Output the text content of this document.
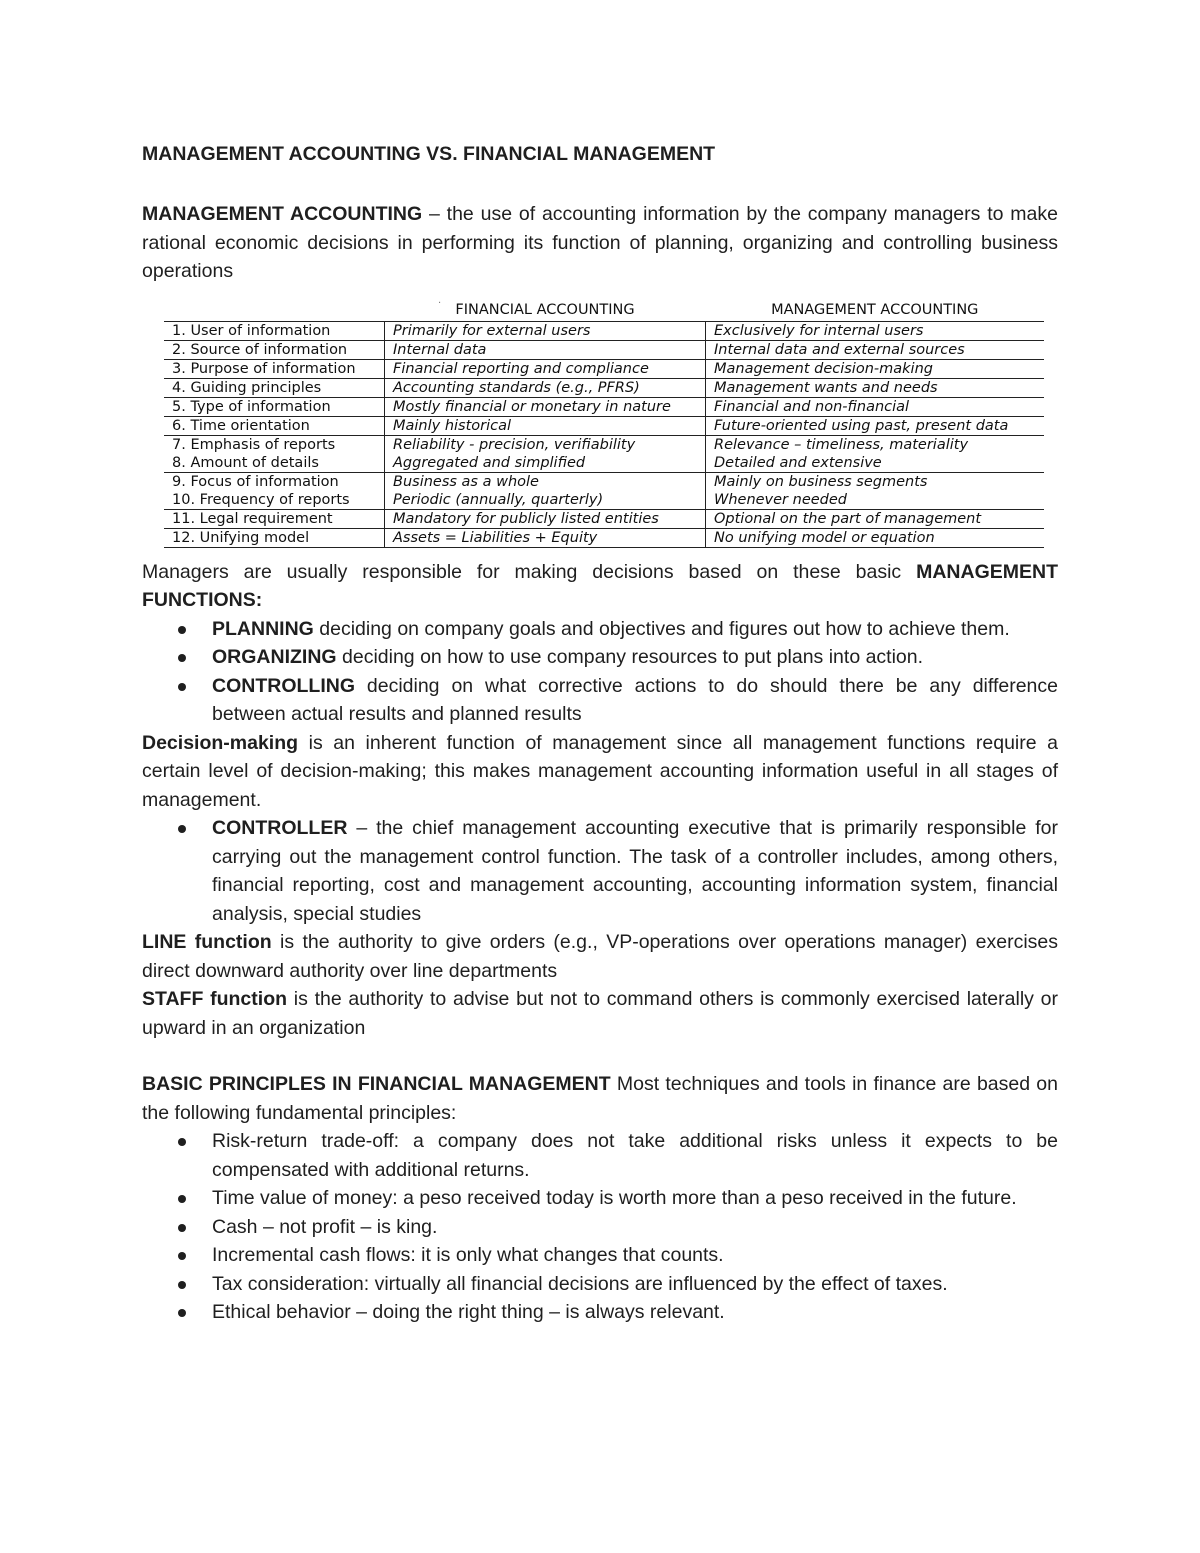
MANAGEMENT ACCOUNTING VS. FINANCIAL MANAGEMENT

MANAGEMENT ACCOUNTING – the use of accounting information by the company managers to make rational economic decisions in performing its function of planning, organizing and controlling business operations

·
	FINANCIAL ACCOUNTING	MANAGEMENT ACCOUNTING
1. User of information	Primarily for external users	Exclusively for internal users
2. Source of information	Internal data	Internal data and external sources
3. Purpose of information	Financial reporting and compliance	Management decision-making
4. Guiding principles	Accounting standards (e.g., PFRS)	Management wants and needs
5. Type of information	Mostly financial or monetary in nature	Financial and non-financial
6. Time orientation	Mainly historical	Future-oriented using past, present data
7. Emphasis of reports	Reliability - precision, verifiability	Relevance – timeliness, materiality
8. Amount of details	Aggregated and simplified	Detailed and extensive
9. Focus of information	Business as a whole	Mainly on business segments
10. Frequency of reports	Periodic (annually, quarterly)	Whenever needed
11. Legal requirement	Mandatory for publicly listed entities	Optional on the part of management
12. Unifying model	Assets = Liabilities + Equity	No unifying model or equation

Managers are usually responsible for making decisions based on these basic MANAGEMENT FUNCTIONS:

PLANNING deciding on company goals and objectives and figures out how to achieve them.
ORGANIZING deciding on how to use company resources to put plans into action.
CONTROLLING deciding on what corrective actions to do should there be any difference between actual results and planned results

Decision-making is an inherent function of management since all management functions require a certain level of decision-making; this makes management accounting information useful in all stages of management.

CONTROLLER – the chief management accounting executive that is primarily responsible for carrying out the management control function. The task of a controller includes, among others, financial reporting, cost and management accounting, accounting information system, financial analysis, special studies

LINE function is the authority to give orders (e.g., VP-operations over operations manager) exercises direct downward authority over line departments

STAFF function is the authority to advise but not to command others is commonly exercised laterally or upward in an organization

BASIC PRINCIPLES IN FINANCIAL MANAGEMENT Most techniques and tools in finance are based on the following fundamental principles:

Risk-return trade-off: a company does not take additional risks unless it expects to be compensated with additional returns.
Time value of money: a peso received today is worth more than a peso received in the future.
Cash – not profit – is king.
Incremental cash flows: it is only what changes that counts.
Tax consideration: virtually all financial decisions are influenced by the effect of taxes.
Ethical behavior – doing the right thing – is always relevant.
